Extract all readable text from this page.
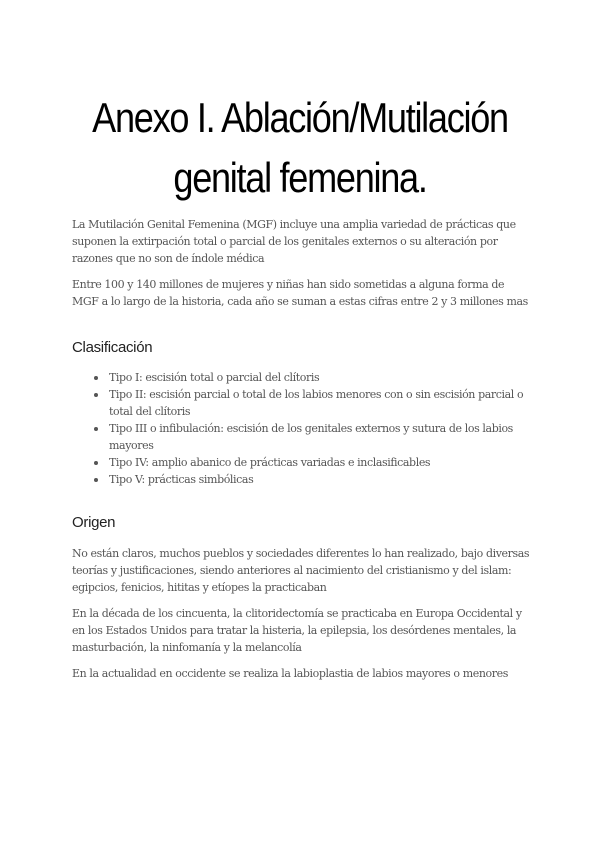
Anexo I. Ablación/Mutilación genital femenina.

La Mutilación Genital Femenina (MGF) incluye una amplia variedad de prácticas que suponen la extirpación total o parcial de los genitales externos o su alteración por razones que no son de índole médica

Entre 100 y 140 millones de mujeres y niñas han sido sometidas a alguna forma de MGF a lo largo de la historia, cada año se suman a estas cifras entre 2 y 3 millones mas

Clasificación
Tipo I: escisión total o parcial del clítoris
Tipo II: escisión parcial o total de los labios menores con o sin escisión parcial o total del clítoris
Tipo III o infibulación: escisión de los genitales externos y sutura de los labios mayores
Tipo IV: amplio abanico de prácticas variadas e inclasificables
Tipo V: prácticas simbólicas
Origen

No están claros, muchos pueblos y sociedades diferentes lo han realizado, bajo diversas teorías y justificaciones, siendo anteriores al nacimiento del cristianismo y del islam: egipcios, fenicios, hititas y etíopes la practicaban

En la década de los cincuenta, la clitoridectomía se practicaba en Europa Occidental y en los Estados Unidos para tratar la histeria, la epilepsia, los desórdenes mentales, la masturbación, la ninfomanía y la melancolía

En la actualidad en occidente se realiza la labioplastia de labios mayores o menores
